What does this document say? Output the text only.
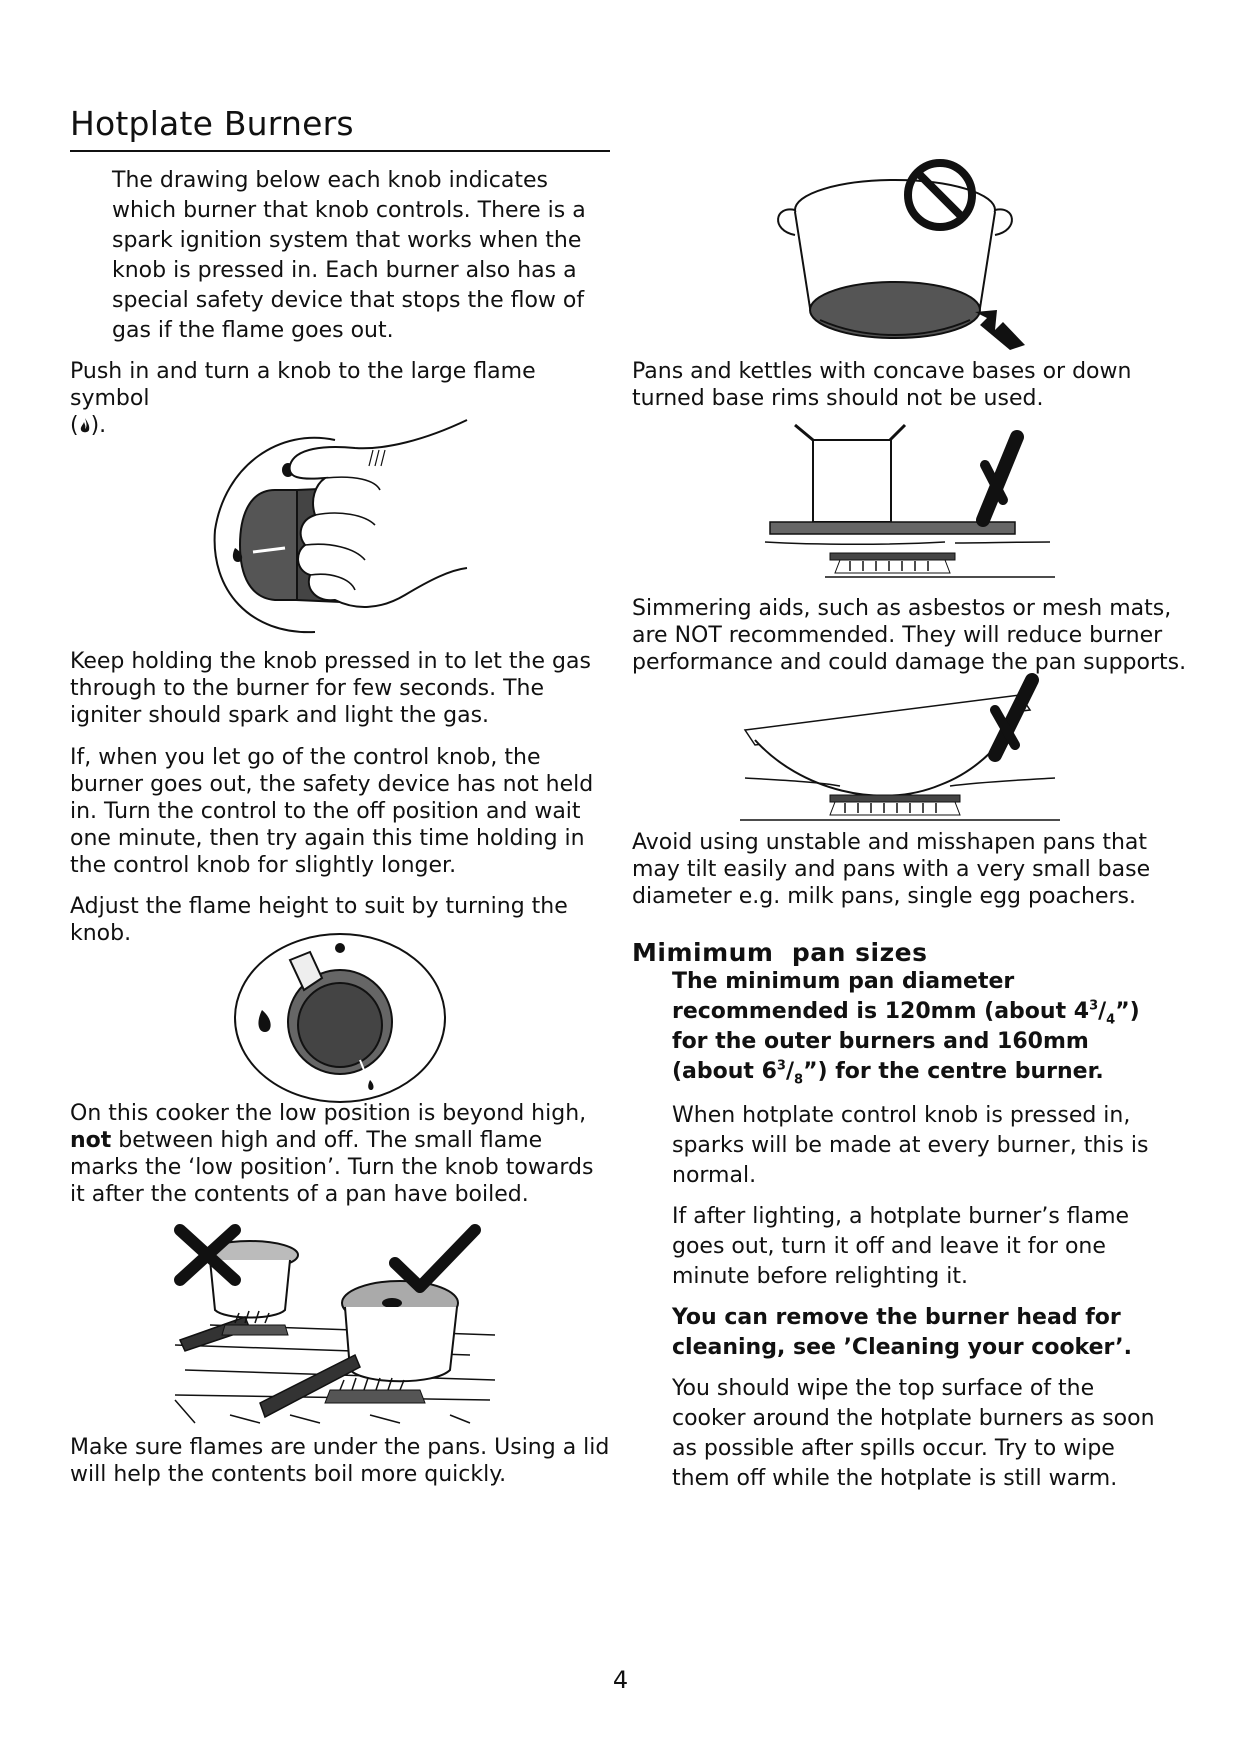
Hotplate Burners

The drawing below each knob indicates which burner that knob controls. There is a spark ignition system that works when the knob is pressed in. Each burner also has a special safety device that stops the flow of gas if the flame goes out.

Push in and turn a knob to the large flame symbol
( ).

Keep holding the knob pressed in to let the gas through to the burner for few seconds. The igniter should spark and light the gas.

If, when you let go of the control knob, the burner goes out, the safety device has not held in. Turn the control to the off position and wait one minute, then try again this time holding in the control knob for slightly longer.

Adjust the flame height to suit by turning the knob.

On this cooker the low position is beyond high, not between high and off. The small flame marks the ‘low position’. Turn the knob towards it after the contents of a pan have boiled.

Make sure flames are under the pans. Using a lid will help the contents boil more quickly.

Pans and kettles with concave bases or down turned base rims should not be used.

Simmering aids, such as asbestos or mesh mats, are NOT recommended. They will reduce burner performance and could damage the pan supports.

Avoid using unstable and misshapen pans that may tilt easily and pans with a very small base diameter e.g. milk pans, single egg poachers.

Mimimum  pan sizes

The minimum pan diameter recommended is 120mm (about $4^3/_4$”) for the outer burners and 160mm (about $6^3/_8$”) for the centre burner.

When hotplate control knob is pressed in, sparks will be made at every burner, this is normal.

If after lighting, a hotplate burner’s flame goes out, turn it off and leave it for one minute before relighting it.

You can remove the burner head for cleaning, see ’Cleaning your cooker’.

You should wipe the top surface of the cooker around the hotplate burners as soon as possible after spills occur. Try to wipe them off while the hotplate is still warm.

4
